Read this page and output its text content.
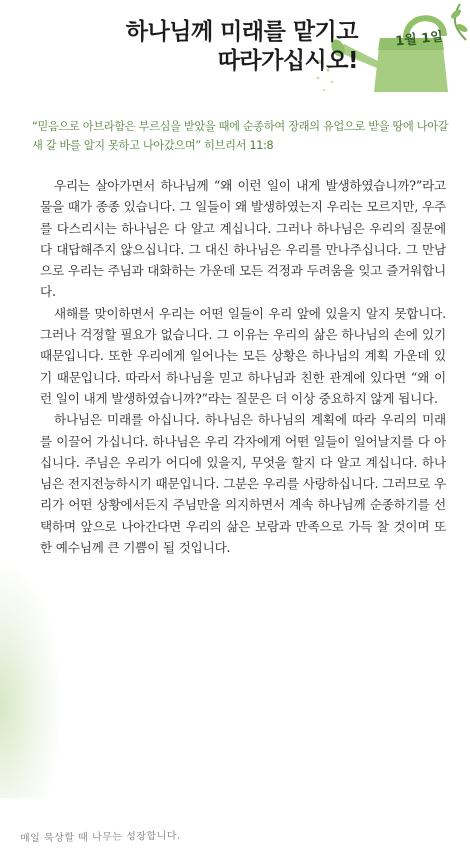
1월 1일
하나님께 미래를 맡기고
따라가십시오!
“믿음으로 아브라함은 부르심을 받았을 때에 순종하여 장래의 유업으로 받을 땅에 나아갈새 갈 바를 알지 못하고 나아갔으며” 히브리서 11:8

우리는 살아가면서 하나님께 “왜 이런 일이 내게 발생하였습니까?”라고 물을 때가 종종 있습니다. 그 일들이 왜 발생하였는지 우리는 모르지만, 우주를 다스리시는 하나님은 다 알고 계십니다. 그러나 하나님은 우리의 질문에 다 대답해주지 않으십니다. 그 대신 하나님은 우리를 만나주십니다. 그 만남으로 우리는 주님과 대화하는 가운데 모든 걱정과 두려움을 잊고 즐거워합니다.

새해를 맞이하면서 우리는 어떤 일들이 우리 앞에 있을지 알지 못합니다. 그러나 걱정할 필요가 없습니다. 그 이유는 우리의 삶은 하나님의 손에 있기 때문입니다. 또한 우리에게 일어나는 모든 상황은 하나님의 계획 가운데 있기 때문입니다. 따라서 하나님을 믿고 하나님과 친한 관계에 있다면 “왜 이런 일이 내게 발생하였습니까?”라는 질문은 더 이상 중요하지 않게 됩니다.

하나님은 미래를 아십니다. 하나님은 하나님의 계획에 따라 우리의 미래를 이끌어 가십니다. 하나님은 우리 각자에게 어떤 일들이 일어날지를 다 아십니다. 주님은 우리가 어디에 있을지, 무엇을 할지 다 알고 계십니다. 하나님은 전지전능하시기 때문입니다. 그분은 우리를 사랑하십니다. 그러므로 우리가 어떤 상황에서든지 주님만을 의지하면서 계속 하나님께 순종하기를 선택하며 앞으로 나아간다면 우리의 삶은 보람과 만족으로 가득 찰 것이며 또한 예수님께 큰 기쁨이 될 것입니다.

매일 묵상할 때 나무는 성장합니다.
